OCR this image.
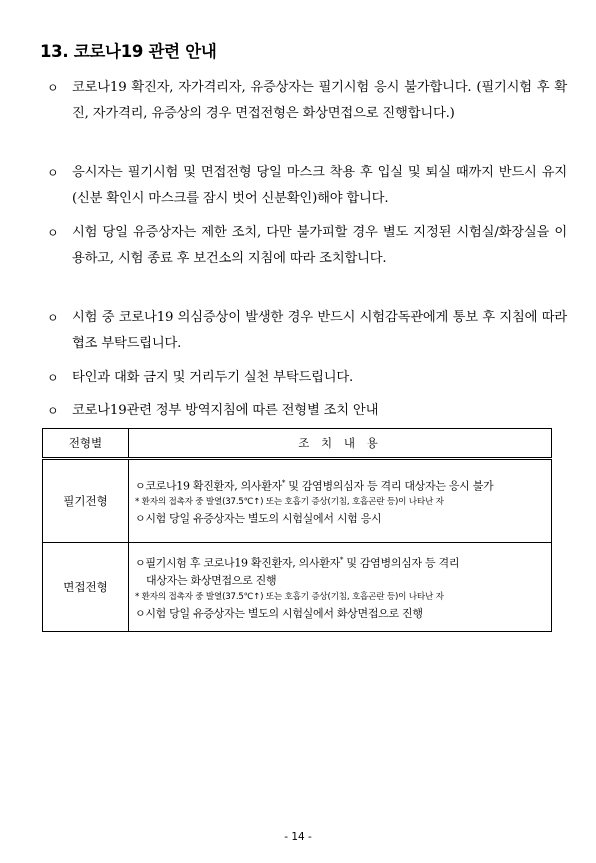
13. 코로나19 관련 안내
ㅇ	코로나19 확진자, 자가격리자, 유증상자는 필기시험 응시 불가합니다. (필기시험 후 확진, 자가격리, 유증상의 경우 면접전형은 화상면접으로 진행합니다.)
ㅇ	응시자는 필기시험 및 면접전형 당일 마스크 착용 후 입실 및 퇴실 때까지 반드시 유지(신분 확인시 마스크를 잠시 벗어 신분확인)해야 합니다.
ㅇ	시험 당일 유증상자는 제한 조치, 다만 불가피할 경우 별도 지정된 시험실/화장실을 이용하고, 시험 종료 후 보건소의 지침에 따라 조치합니다.
ㅇ	시험 중 코로나19 의심증상이 발생한 경우 반드시 시험감독관에게 통보 후 지침에 따라 협조 부탁드립니다.
ㅇ	타인과 대화 금지 및 거리두기 실천 부탁드립니다.
ㅇ	코로나19관련 정부 방역지침에 따른 전형별 조치 안내
전형별	조 치 내 용
필기전형	ㅇ코로나19 확진환자, 의사환자* 및 감염병의심자 등 격리 대상자는 응시 불가
* 환자의 접촉자 중 발열(37.5℃↑) 또는 호흡기 증상(기침, 호흡곤란 등)이 나타난 자
ㅇ시험 당일 유증상자는 별도의 시험실에서 시험 응시

면접전형	ㅇ필기시험 후 코로나19 확진환자, 의사환자* 및 감염병의심자 등 격리
대상자는 화상면접으로 진행
* 환자의 접촉자 중 발열(37.5℃↑) 또는 호흡기 증상(기침, 호흡곤란 등)이 나타난 자
ㅇ시험 당일 유증상자는 별도의 시험실에서 화상면접으로 진행
- 14 -
